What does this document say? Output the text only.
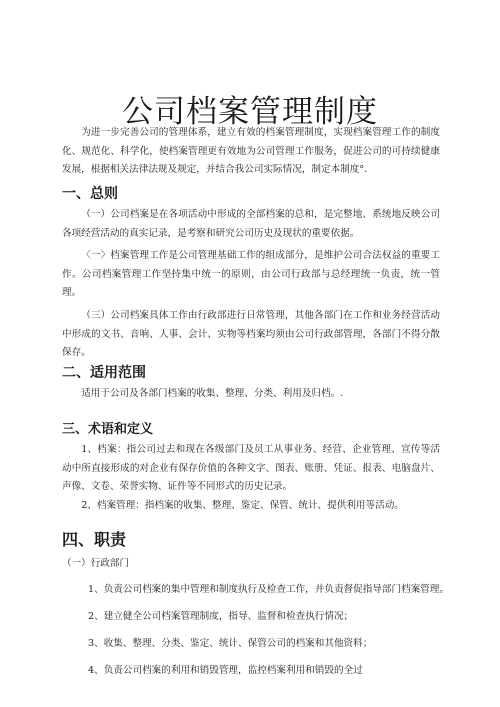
公司档案管理制度
为进一步完善公司的管理体系，建立有效的档案管理制度，实现档案管理工作的制度化、规范化、科学化，使档案管理更有效地为公司管理工作服务，促进公司的可持续健康发展，根据相关法律法规及规定，并结合我公司实际情况，制定本制度°．
一、总则
（一）公司档案是在各项活动中形成的全部档案的总和，是完整地、系统地反映公司各项经营活动的真实记录，是考察和研究公司历史及现状的重要依据。
〈一〉档案管理工作是公司管理基础工作的组成部分，是维护公司合法权益的重要工作。公司档案管理工作坚持集中统一的原则，由公司行政部与总经理统一负责，统一管理。
（三）公司档案具体工作由行政部进行日常管理，其他各部门在工作和业务经营活动中形成的文书、音响、人事、会计、实物等档案均须由公司行政部管理，各部门不得分散保存。
二、适用范围
适用于公司及各部门档案的收集、整理、分类、利用及归档。.
三、术语和定义
1、档案：指公司过去和现在各级部门及员工从事业务、经营、企业管理、宣传等活动中所直接形成的对企业有保存价值的各种文字、图表、账册、凭证、报表、电脑盘片、声像、文卷、荣誉实物、证件等不同形式的历史记录。
2、档案管理：指档案的收集、整理、鉴定、保管、统计、提供利用等活动。
四、职责
（一）行政部门
1、负责公司档案的集中管理和制度执行及检查工作，并负责督促指导部门档案管理。
2、建立健全公司档案管理制度，指导、监督和检查执行情况；
3、收集、整理、分类、鉴定、统计、保管公司的档案和其他资料；
4、负责公司档案的利用和销毁管理，监控档案利用和销毁的全过
